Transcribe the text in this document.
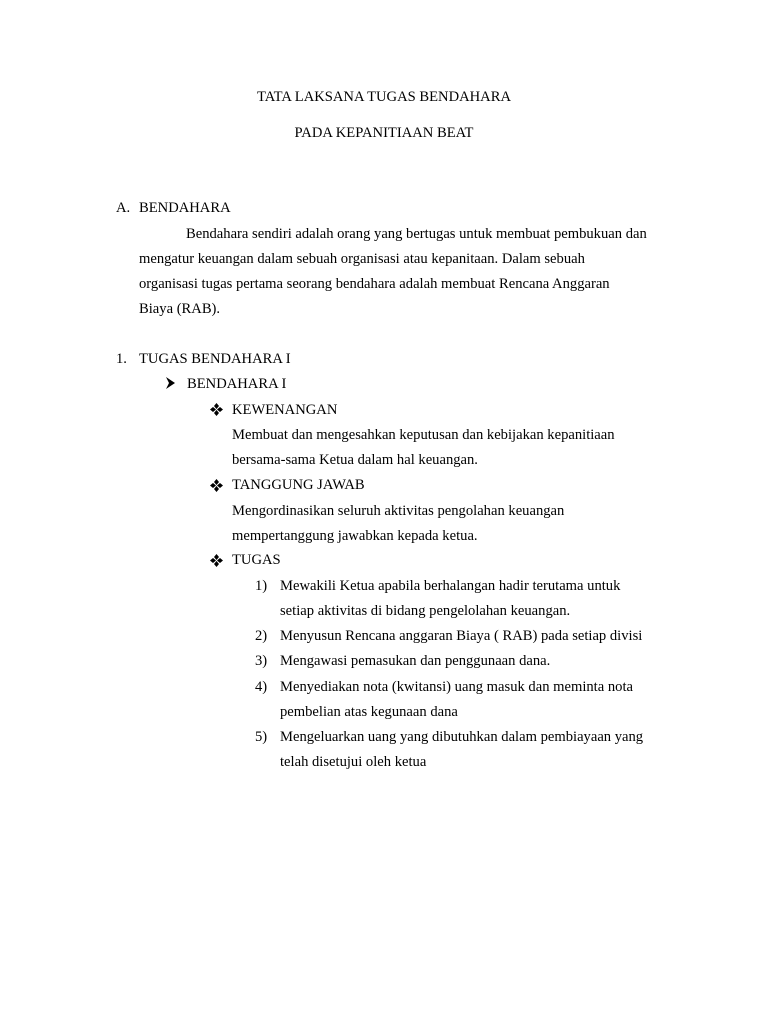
TATA LAKSANA TUGAS BENDAHARA
PADA KEPANITIAAN BEAT
A. BENDAHARA
Bendahara sendiri adalah orang yang bertugas untuk membuat pembukuan dan
mengatur keuangan dalam sebuah organisasi atau kepanitaan. Dalam sebuah
organisasi tugas pertama seorang bendahara adalah membuat Rencana Anggaran
Biaya (RAB).
1. TUGAS BENDAHARA I
BENDAHARA I
KEWENANGAN
Membuat dan mengesahkan keputusan dan kebijakan kepanitiaan
bersama-sama Ketua dalam hal keuangan.
TANGGUNG JAWAB
Mengordinasikan seluruh aktivitas pengolahan keuangan
mempertanggung jawabkan kepada ketua.
TUGAS
1) Mewakili Ketua apabila berhalangan hadir terutama untuk
setiap aktivitas di bidang pengelolahan keuangan.
2) Menyusun Rencana anggaran Biaya ( RAB) pada setiap divisi
3) Mengawasi pemasukan dan penggunaan dana.
4) Menyediakan nota (kwitansi) uang masuk dan meminta nota
pembelian atas kegunaan dana
5) Mengeluarkan uang yang dibutuhkan dalam pembiayaan yang
telah disetujui oleh ketua
